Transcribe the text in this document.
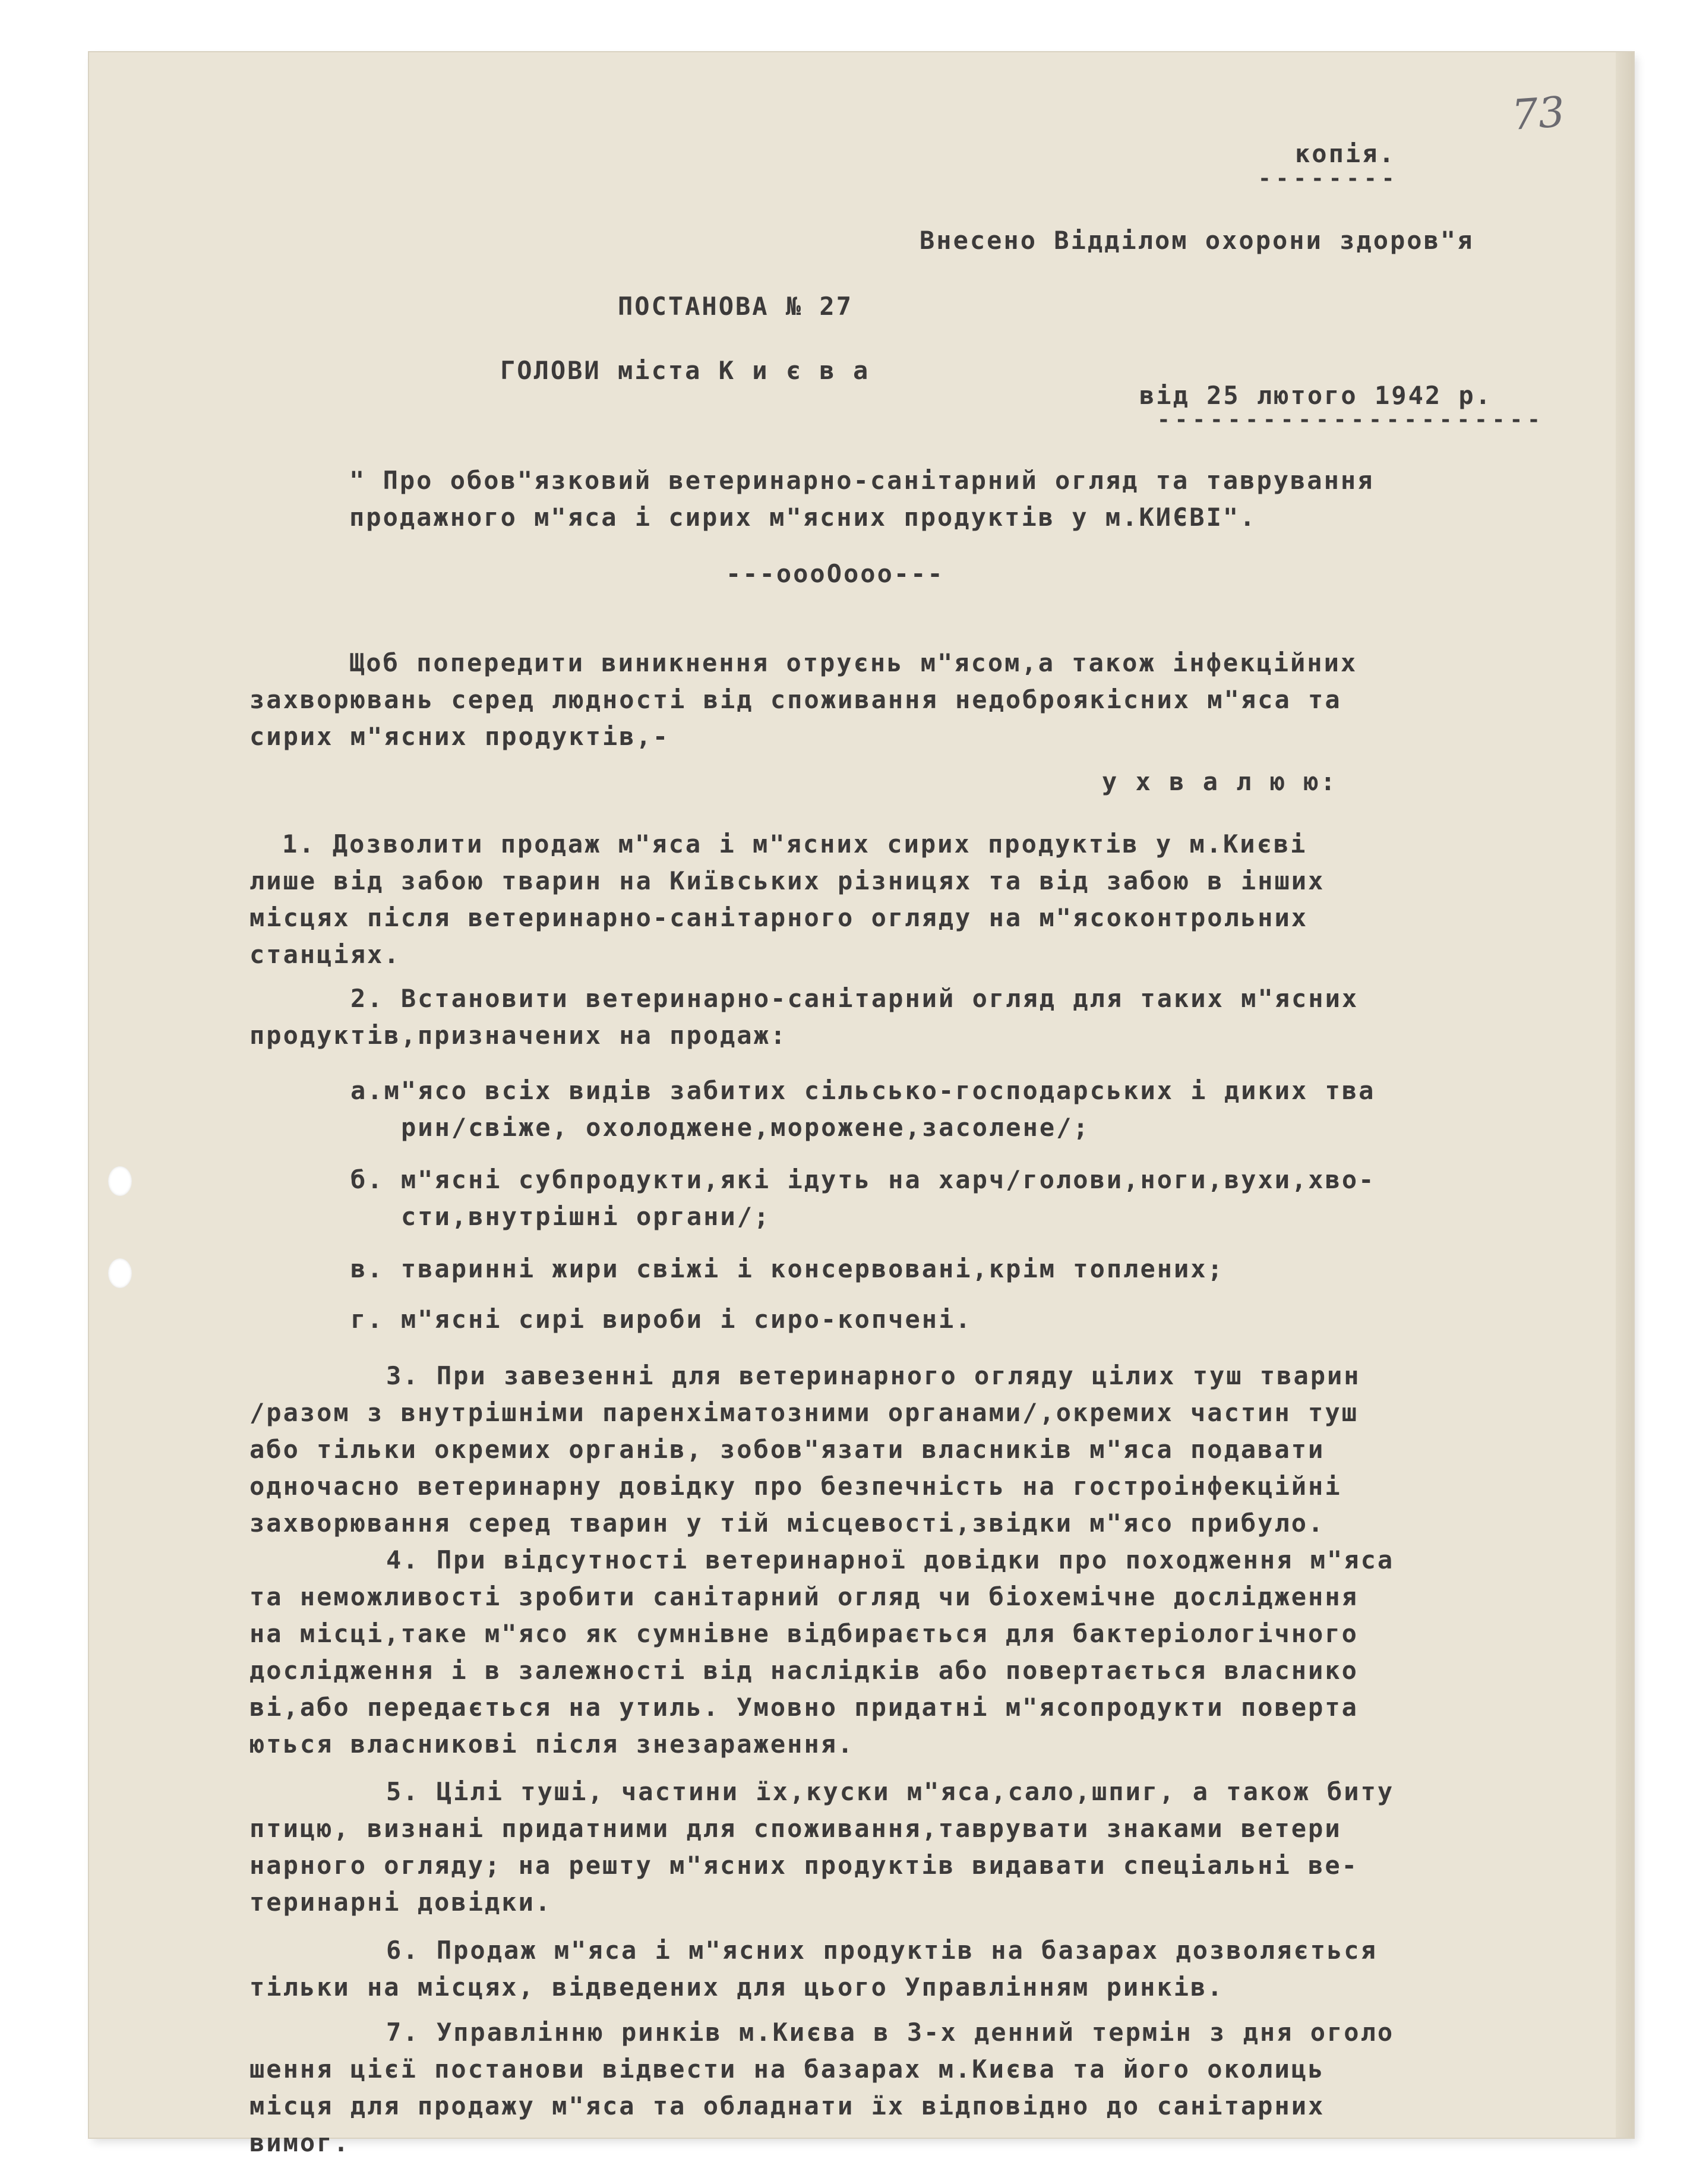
73
копія.
--------
Внесено Відділом охорони здоров"я
ПОСТАНОВА № 27
ГОЛОВИ міста К и є в а
від 25 лютого 1942 р.
----------------------
" Про обов"язковий ветеринарно-санітарний огляд та таврування
продажного м"яса і сирих м"ясних продуктів у м.КИЄВІ".
---oooOooo---
Щоб попередити виникнення отруєнь м"ясом,а також інфекційних
захворювань серед людності від споживання недоброякісних м"яса та
сирих м"ясних продуктів,-
у х в а л ю ю:
1. Дозволити продаж м"яса і м"ясних сирих продуктів у м.Києві
лише від забою тварин на Київських різницях та від забою в інших
місцях після ветеринарно-санітарного огляду на м"ясоконтрольних
станціях.
2. Встановити ветеринарно-санітарний огляд для таких м"ясних
продуктів,призначених на продаж:
а.м"ясо всіх видів забитих сільсько-господарських і диких тва
рин/свіже, охолоджене,морожене,засолене/;
б. м"ясні субпродукти,які ідуть на харч/голови,ноги,вухи,хво-
сти,внутрішні органи/;
в. тваринні жири свіжі і консервовані,крім топлених;
г. м"ясні сирі вироби і сиро-копчені.
3. При завезенні для ветеринарного огляду цілих туш тварин
/разом з внутрішніми паренхіматозними органами/,окремих частин туш
або тільки окремих органів, зобов"язати власників м"яса подавати
одночасно ветеринарну довідку про безпечність на гостроінфекційні
захворювання серед тварин у тій місцевості,звідки м"ясо прибуло.
4. При відсутності ветеринарної довідки про походження м"яса
та неможливості зробити санітарний огляд чи біохемічне дослідження
на місці,таке м"ясо як сумнівне відбирається для бактеріологічного
дослідження і в залежності від наслідків або повертається власнико
ві,або передається на утиль. Умовно придатні м"ясопродукти поверта
ються власникові після знезараження.
5. Цілі туші, частини їх,куски м"яса,сало,шпиг, а також биту
птицю, визнані придатними для споживання,таврувати знаками ветери
нарного огляду; на решту м"ясних продуктів видавати спеціальні ве-
теринарні довідки.
6. Продаж м"яса і м"ясних продуктів на базарах дозволяється
тільки на місцях, відведених для цього Управлінням ринків.
7. Управлінню ринків м.Києва в 3-х денний термін з дня оголо
шення цієї постанови відвести на базарах м.Києва та його околиць
місця для продажу м"яса та обладнати їх відповідно до санітарних
вимог.
